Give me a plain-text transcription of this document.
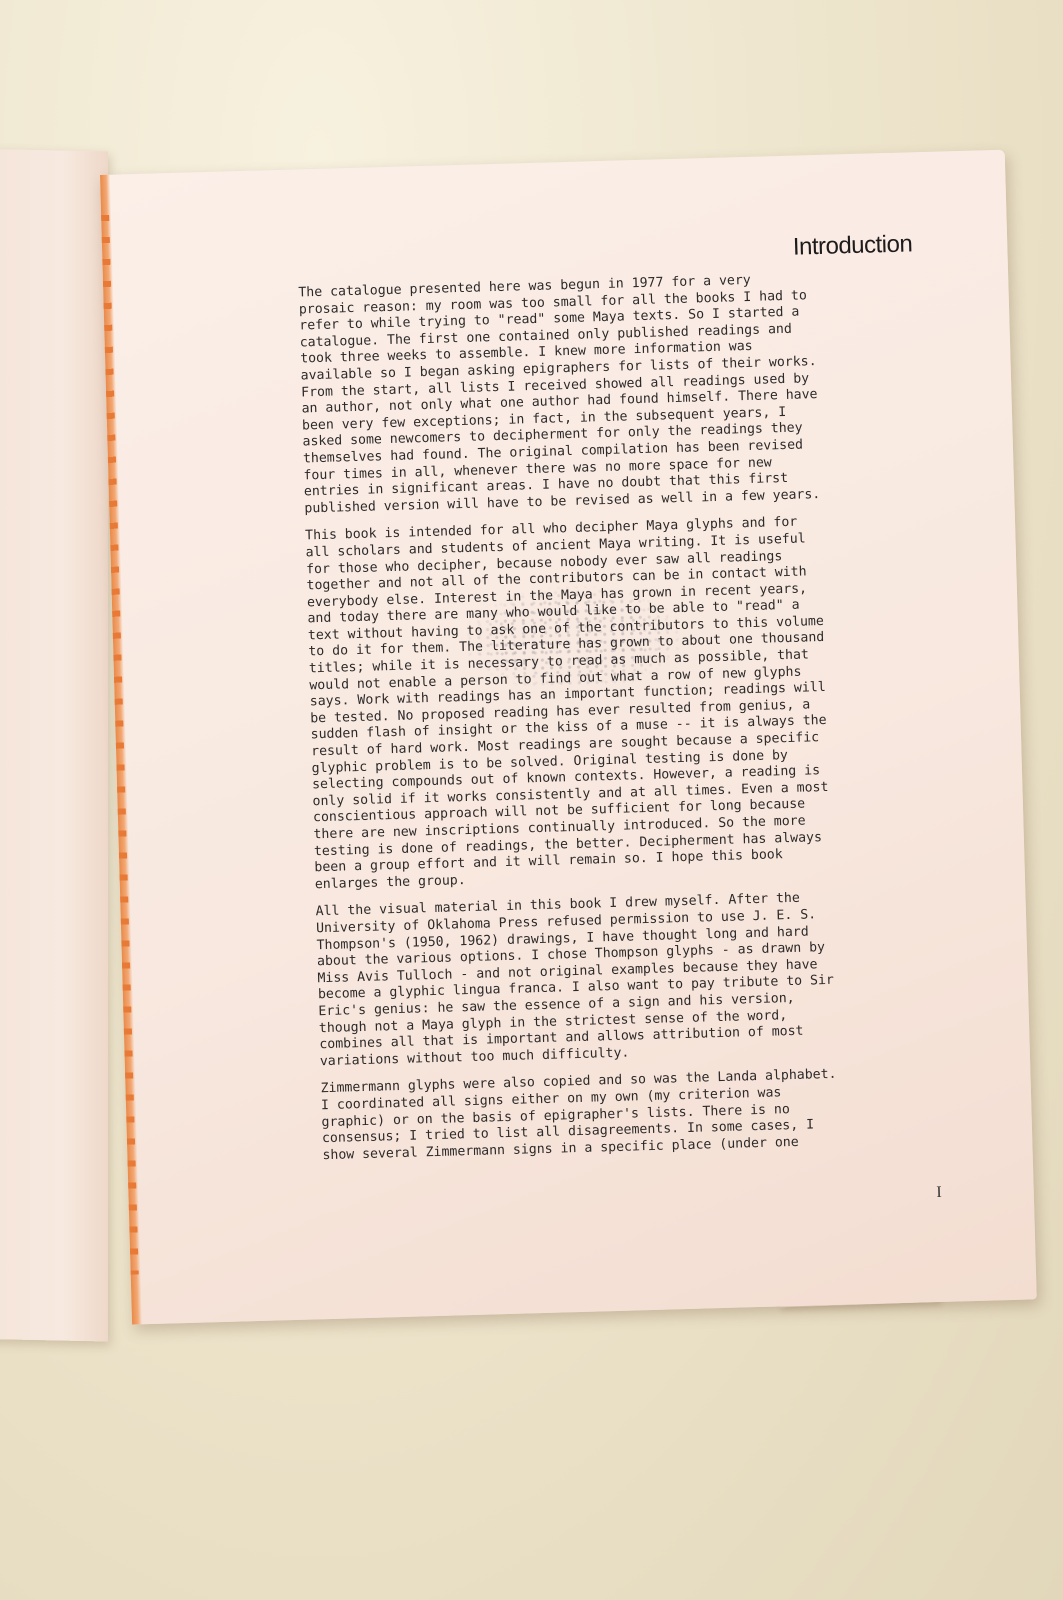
Introduction

The catalogue presented here was begun in 1977 for a very
prosaic reason: my room was too small for all the books I had to
refer to while trying to "read" some Maya texts. So I started a
catalogue. The first one contained only published readings and
took three weeks to assemble. I knew more information was
available so I began asking epigraphers for lists of their works.
From the start, all lists I received showed all readings used by
an author, not only what one author had found himself. There have
been very few exceptions; in fact, in the subsequent years, I
asked some newcomers to decipherment for only the readings they
themselves had found. The original compilation has been revised
four times in all, whenever there was no more space for new
entries in significant areas. I have no doubt that this first
published version will have to be revised as well in a few years.

This book is intended for all who decipher Maya glyphs and for
all scholars and students of ancient Maya writing. It is useful
for those who decipher, because nobody ever saw all readings
together and not all of the contributors can be in contact with
everybody else. Interest in the Maya has grown in recent years,
and today there are many who would like to be able to "read" a
text without having to ask one of the contributors to this volume
to do it for them. The literature has grown to about one thousand
titles; while it is necessary to read as much as possible, that
would not enable a person to find out what a row of new glyphs
says. Work with readings has an important function; readings will
be tested. No proposed reading has ever resulted from genius, a
sudden flash of insight or the kiss of a muse -- it is always the
result of hard work. Most readings are sought because a specific
glyphic problem is to be solved. Original testing is done by
selecting compounds out of known contexts. However, a reading is
only solid if it works consistently and at all times. Even a most
conscientious approach will not be sufficient for long because
there are new inscriptions continually introduced. So the more
testing is done of readings, the better. Decipherment has always
been a group effort and it will remain so. I hope this book
enlarges the group.

All the visual material in this book I drew myself. After the
University of Oklahoma Press refused permission to use J. E. S.
Thompson's (1950, 1962) drawings, I have thought long and hard
about the various options. I chose Thompson glyphs - as drawn by
Miss Avis Tulloch - and not original examples because they have
become a glyphic lingua franca. I also want to pay tribute to Sir
Eric's genius: he saw the essence of a sign and his version,
though not a Maya glyph in the strictest sense of the word,
combines all that is important and allows attribution of most
variations without too much difficulty.

Zimmermann glyphs were also copied and so was the Landa alphabet.
I coordinated all signs either on my own (my criterion was
graphic) or on the basis of epigrapher's lists. There is no
consensus; I tried to list all disagreements. In some cases, I
show several Zimmermann signs in a specific place (under one

I
